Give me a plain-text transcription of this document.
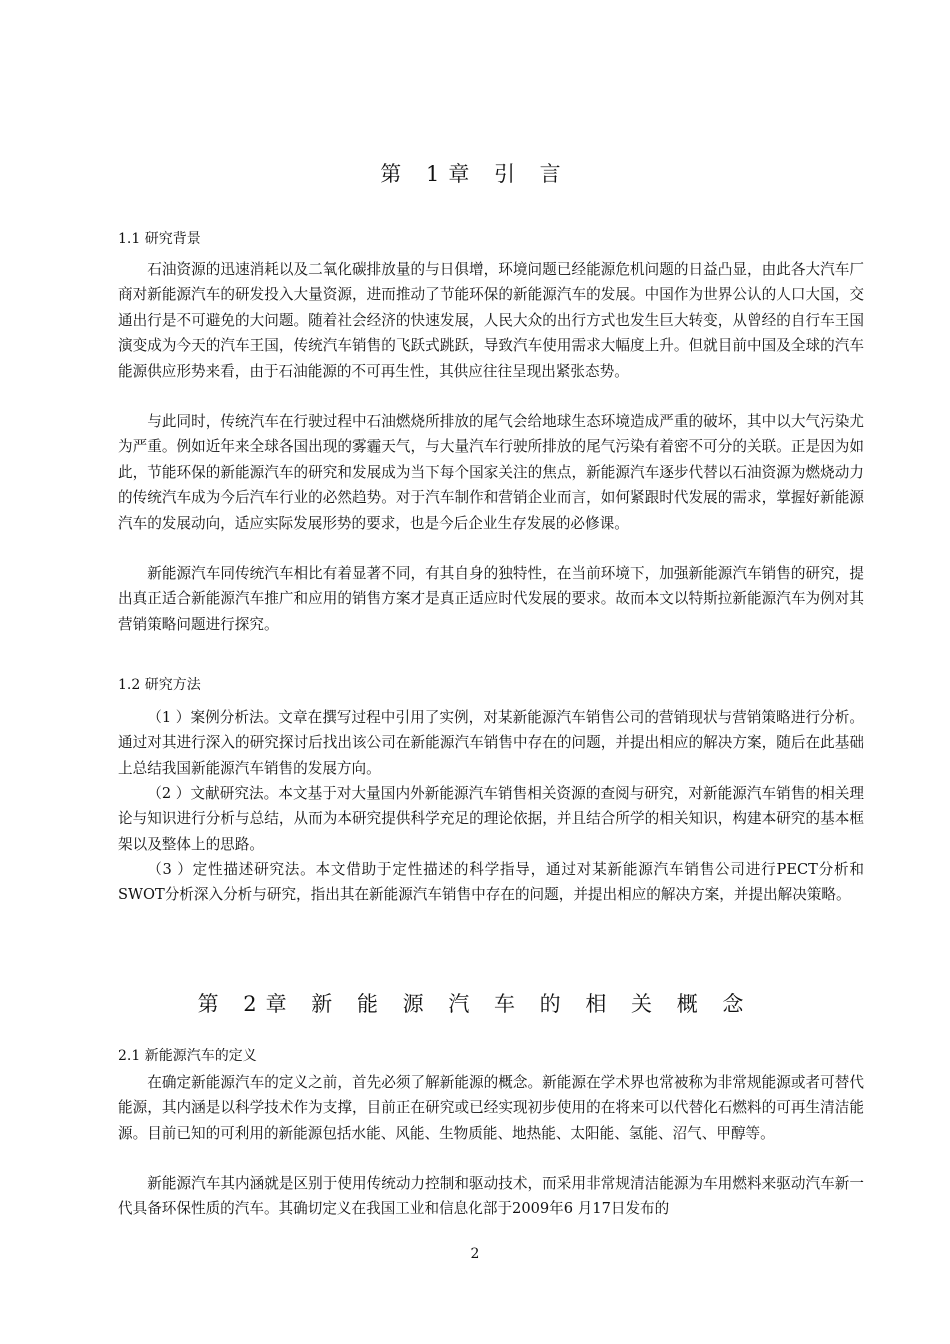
第 1章 引 言
1.1 研究背景

石油资源的迅速消耗以及二氧化碳排放量的与日俱增，环境问题已经能源危机问题的日益凸显，由此各大汽车厂商对新能源汽车的研发投入大量资源，进而推动了节能环保的新能源汽车的发展。中国作为世界公认的人口大国，交通出行是不可避免的大问题。随着社会经济的快速发展，人民大众的出行方式也发生巨大转变，从曾经的自行车王国演变成为今天的汽车王国，传统汽车销售的飞跃式跳跃，导致汽车使用需求大幅度上升。但就目前中国及全球的汽车能源供应形势来看，由于石油能源的不可再生性，其供应往往呈现出紧张态势。

与此同时，传统汽车在行驶过程中石油燃烧所排放的尾气会给地球生态环境造成严重的破坏，其中以大气污染尤为严重。例如近年来全球各国出现的雾霾天气，与大量汽车行驶所排放的尾气污染有着密不可分的关联。正是因为如此，节能环保的新能源汽车的研究和发展成为当下每个国家关注的焦点，新能源汽车逐步代替以石油资源为燃烧动力的传统汽车成为今后汽车行业的必然趋势。对于汽车制作和营销企业而言，如何紧跟时代发展的需求，掌握好新能源汽车的发展动向，适应实际发展形势的要求，也是今后企业生存发展的必修课。

新能源汽车同传统汽车相比有着显著不同，有其自身的独特性，在当前环境下，加强新能源汽车销售的研究，提出真正适合新能源汽车推广和应用的销售方案才是真正适应时代发展的要求。故而本文以特斯拉新能源汽车为例对其营销策略问题进行探究。

1.2 研究方法

（1 ）案例分析法。文章在撰写过程中引用了实例，对某新能源汽车销售公司的营销现状与营销策略进行分析。通过对其进行深入的研究探讨后找出该公司在新能源汽车销售中存在的问题，并提出相应的解决方案，随后在此基础上总结我国新能源汽车销售的发展方向。

（2 ）文献研究法。本文基于对大量国内外新能源汽车销售相关资源的查阅与研究，对新能源汽车销售的相关理论与知识进行分析与总结，从而为本研究提供科学充足的理论依据，并且结合所学的相关知识，构建本研究的基本框架以及整体上的思路。

（3 ）定性描述研究法。本文借助于定性描述的科学指导，通过对某新能源汽车销售公司进行PECT分析和SWOT分析深入分析与研究，指出其在新能源汽车销售中存在的问题，并提出相应的解决方案，并提出解决策略。

第 2章 新 能 源 汽 车 的 相 关 概 念
2.1 新能源汽车的定义

在确定新能源汽车的定义之前，首先必须了解新能源的概念。新能源在学术界也常被称为非常规能源或者可替代能源，其内涵是以科学技术作为支撑，目前正在研究或已经实现初步使用的在将来可以代替化石燃料的可再生清洁能源。目前已知的可利用的新能源包括水能、风能、生物质能、地热能、太阳能、氢能、沼气、甲醇等。

新能源汽车其内涵就是区别于使用传统动力控制和驱动技术，而采用非常规清洁能源为车用燃料来驱动汽车新一代具备环保性质的汽车。其确切定义在我国工业和信息化部于2009年6 月17日发布的

2
